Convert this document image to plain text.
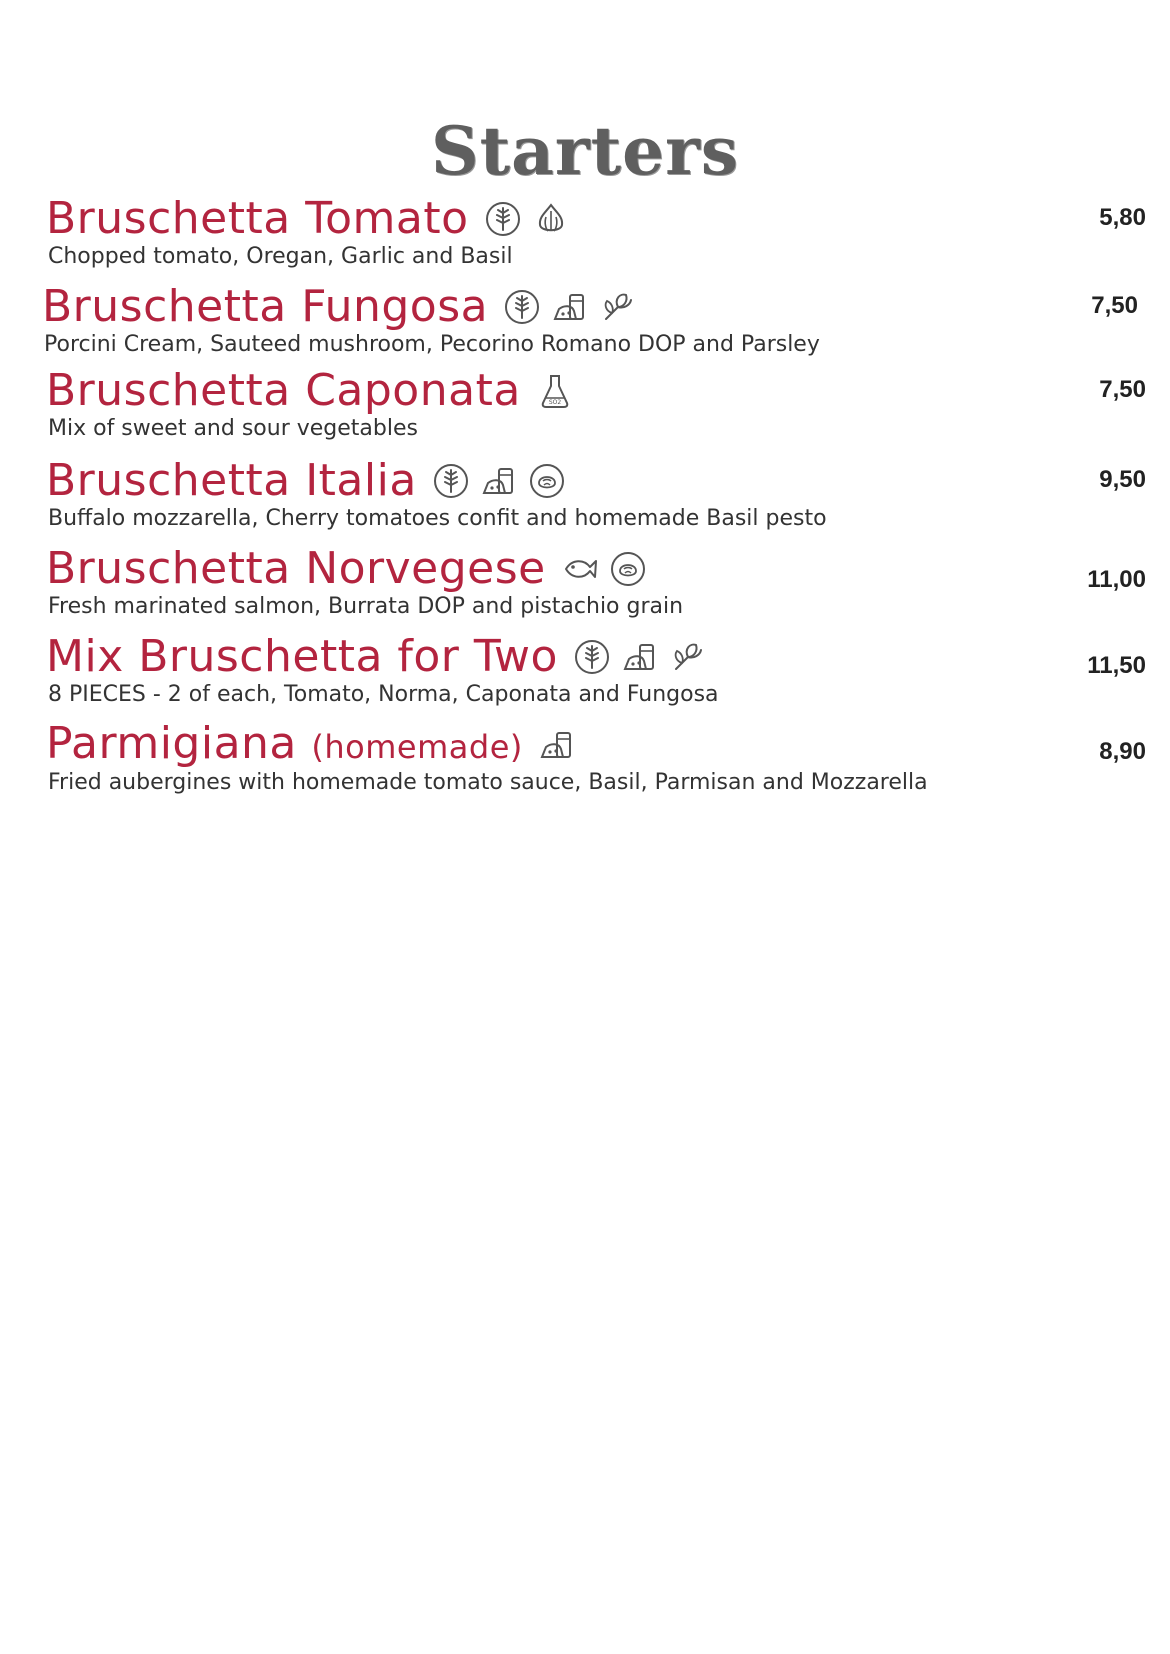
Starters
Bruschetta Tomato
Chopped tomato, Oregan, Garlic and Basil
5,80
Bruschetta Fungosa
Porcini Cream, Sauteed mushroom, Pecorino Romano DOP and Parsley
7,50
Bruschetta Caponata	SO2
Mix of sweet and sour vegetables
7,50
Bruschetta Italia
Buffalo mozzarella, Cherry tomatoes confit and homemade Basil pesto
9,50
Bruschetta Norvegese
Fresh marinated salmon, Burrata DOP and pistachio grain
11,00
Mix Bruschetta for Two
8 PIECES - 2 of each, Tomato, Norma, Caponata and Fungosa
11,50
Parmigiana (homemade)
Fried aubergines with homemade tomato sauce, Basil, Parmisan and Mozzarella
8,90
